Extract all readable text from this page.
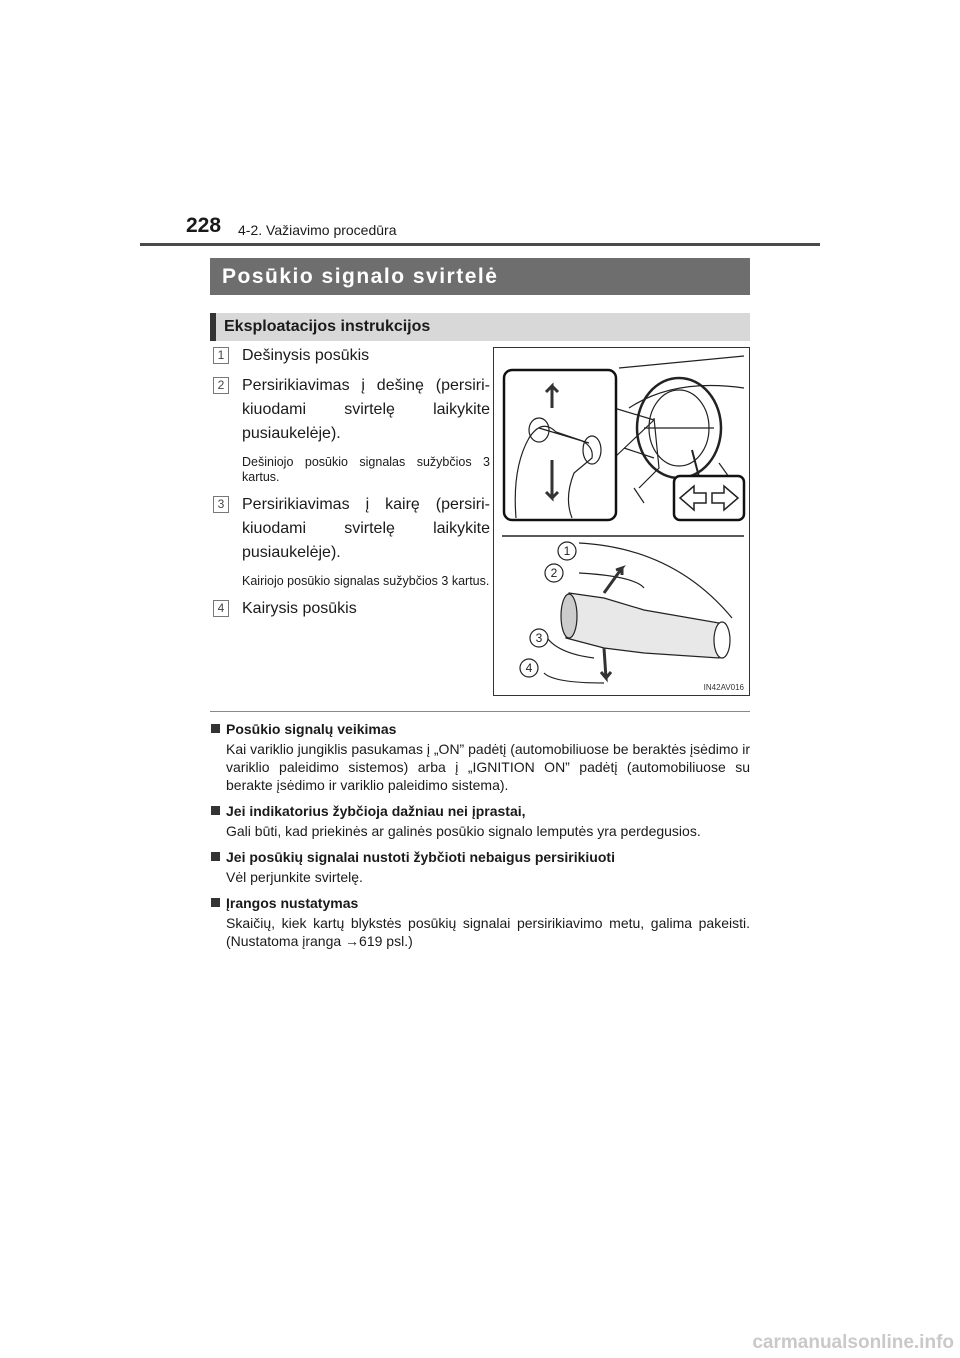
228 4-2. Važiavimo procedūra
Posūkio signalo svirtelė
Eksploatacijos instrukcijos
1 Dešinysis posūkis
2 Persirikiavimas į dešinę (persirikiuodami svirtelę laikykite pusiaukelėje).
Dešiniojo posūkio signalas sužybčios 3 kartus.
3 Persirikiavimas į kairę (persirikiuodami svirtelę laikykite pusiaukelėje).
Kairiojo posūkio signalas sužybčios 3 kartus.
4 Kairysis posūkis
1
2
3
4
IN42AV016
Posūkio signalų veikimas
Kai variklio jungiklis pasukamas į „ON” padėtį (automobiliuose be beraktės įsėdimo ir variklio paleidimo sistemos) arba į „IGNITION ON” padėtį (automobiliuose su berakte įsėdimo ir variklio paleidimo sistema).
Jei indikatorius žybčioja dažniau nei įprastai,
Gali būti, kad priekinės ar galinės posūkio signalo lemputės yra perdegusios.
Jei posūkių signalai nustoti žybčioti nebaigus persirikiuoti
Vėl perjunkite svirtelę.
Įrangos nustatymas
Skaičių, kiek kartų blykstės posūkių signalai persirikiavimo metu, galima pakeisti. (Nustatoma įranga →619 psl.)
carmanualsonline.info
